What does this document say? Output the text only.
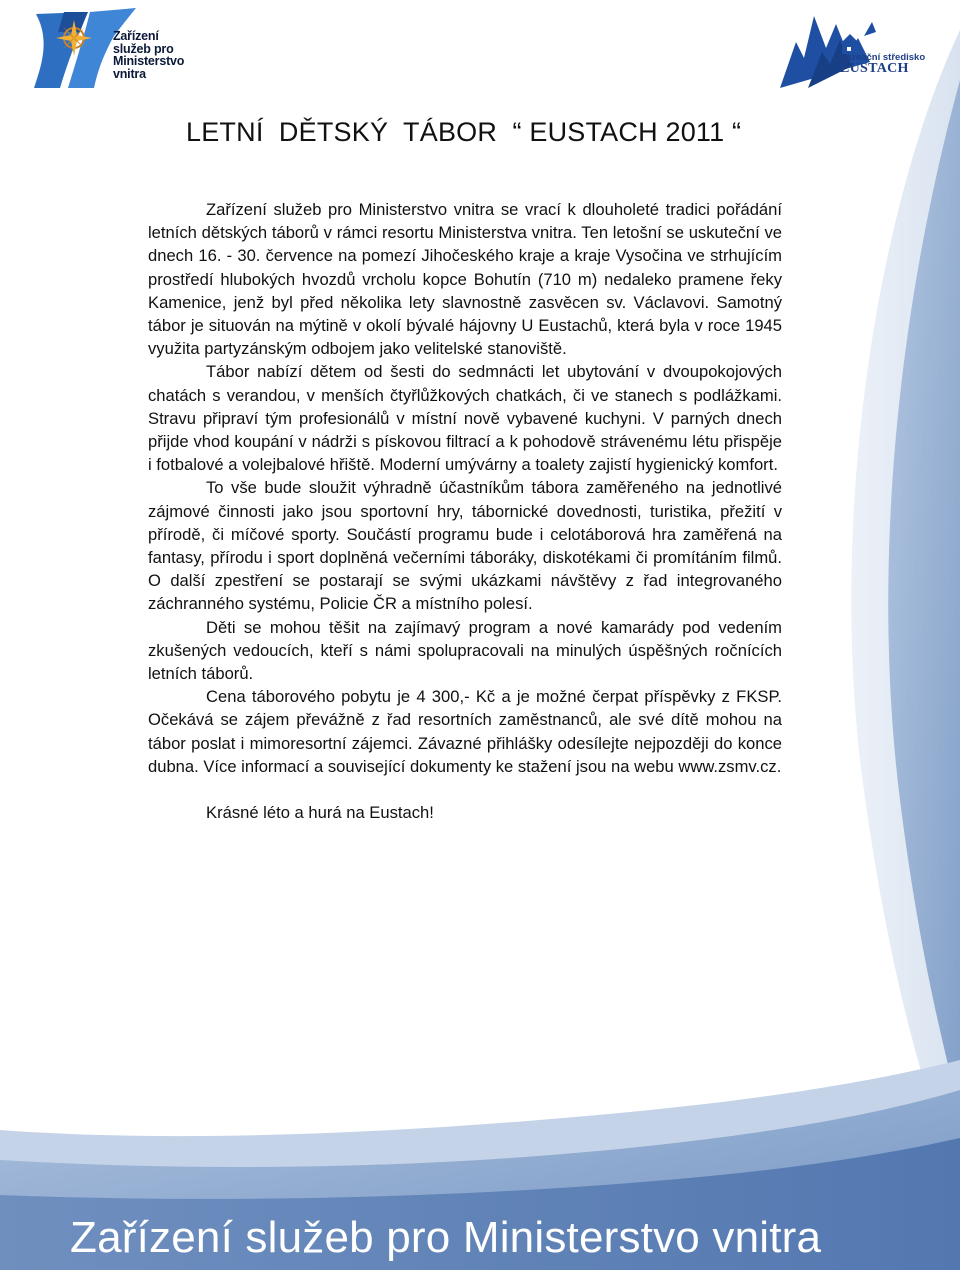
Zařízení
služeb pro
Ministerstvo
vnitra
rekreační středisko
EUSTACH
LETNÍ  DĚTSKÝ  TÁBOR  “ EUSTACH 2011 “

Zařízení služeb pro Ministerstvo vnitra se vrací k dlouholeté tradici pořádání letních dětských táborů v rámci resortu Ministerstva vnitra. Ten letošní se uskuteční ve dnech 16. - 30. července na pomezí Jihočeského kraje a kraje Vysočina ve strhujícím prostředí hlubokých hvozdů vrcholu kopce Bohutín (710 m) nedaleko pramene řeky Kamenice, jenž byl před několika lety slavnostně zasvěcen sv. Václavovi. Samotný tábor je situován na mýtině v okolí bývalé hájovny U Eustachů, která byla v roce 1945 využita partyzánským odbojem jako velitelské stanoviště.

Tábor nabízí dětem od šesti do sedmnácti let ubytování v dvoupokojových chatách s verandou, v menších čtyřlůžkových chatkách, či ve stanech s podlážkami. Stravu připraví tým profesionálů v místní nově vybavené kuchyni. V parných dnech přijde vhod koupání v nádrži s pískovou filtrací a k pohodově strávenému létu přispěje i fotbalové a volejbalové hřiště. Moderní umývárny a toalety zajistí hygienický komfort.

To vše bude sloužit výhradně účastníkům tábora zaměřeného na jednotlivé zájmové činnosti jako jsou sportovní hry, tábornické dovednosti, turistika, přežití v přírodě, či míčové sporty. Součástí programu bude i celotáborová hra zaměřená na fantasy, přírodu i sport doplněná večerními táboráky, diskotékami či promítáním filmů. O další zpestření se postarají se svými ukázkami návštěvy z řad integrovaného záchranného systému, Policie ČR a místního polesí.

Děti se mohou těšit na zajímavý program a nové kamarády pod vedením zkušených vedoucích, kteří s námi spolupracovali na minulých úspěšných ročnících letních táborů.

Cena táborového pobytu je 4 300,- Kč a je možné čerpat příspěvky z FKSP. Očekává se zájem převážně z řad resortních zaměstnanců, ale své dítě mohou na tábor poslat i mimoresortní zájemci. Závazné přihlášky odesílejte nejpozději do konce dubna. Více informací a související dokumenty ke stažení jsou na webu www.zsmv.cz.

Krásné léto a hurá na Eustach!

Zařízení služeb pro Ministerstvo vnitra
